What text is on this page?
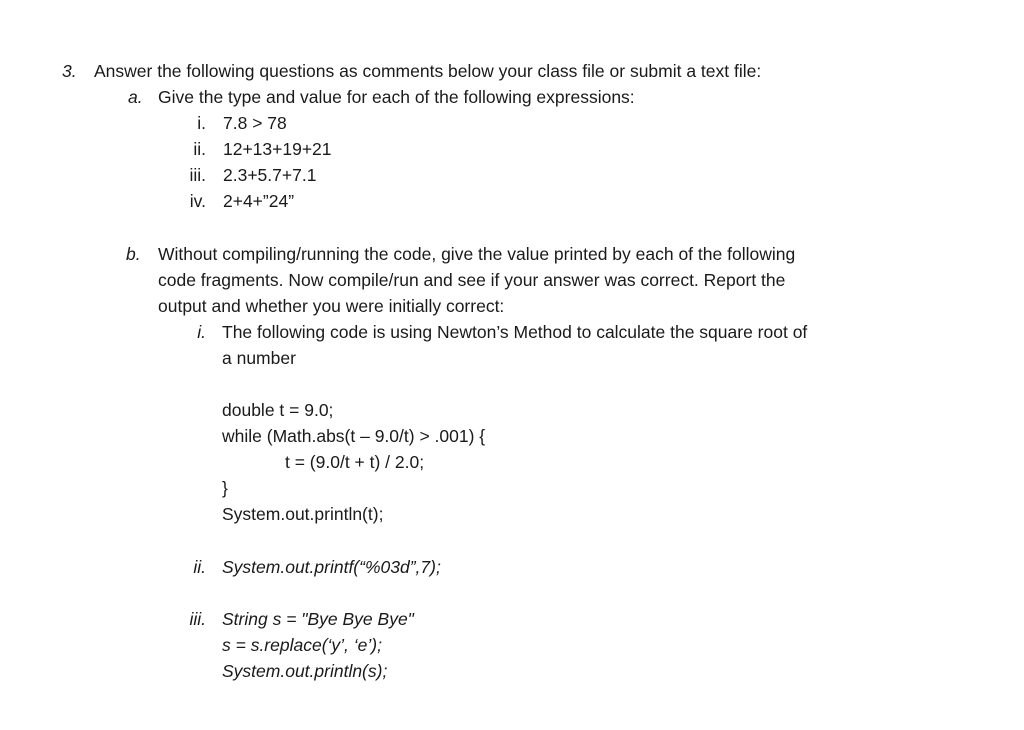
3. Answer the following questions as comments below your class file or submit a text file:
a. Give the type and value for each of the following expressions:
i. 7.8 > 78
ii. 12+13+19+21
iii. 2.3+5.7+7.1
iv. 2+4+”24”
b. Without compiling/running the code, give the value printed by each of the following
code fragments. Now compile/run and see if your answer was correct. Report the
output and whether you were initially correct:
i. The following code is using Newton’s Method to calculate the square root of
a number
double t = 9.0;
while (Math.abs(t – 9.0/t) > .001) {
t = (9.0/t + t) / 2.0;
}
System.out.println(t);
ii. System.out.printf(“%03d”,7);
iii. String s = "Bye Bye Bye"
s = s.replace(‘y’, ‘e’);
System.out.println(s);
